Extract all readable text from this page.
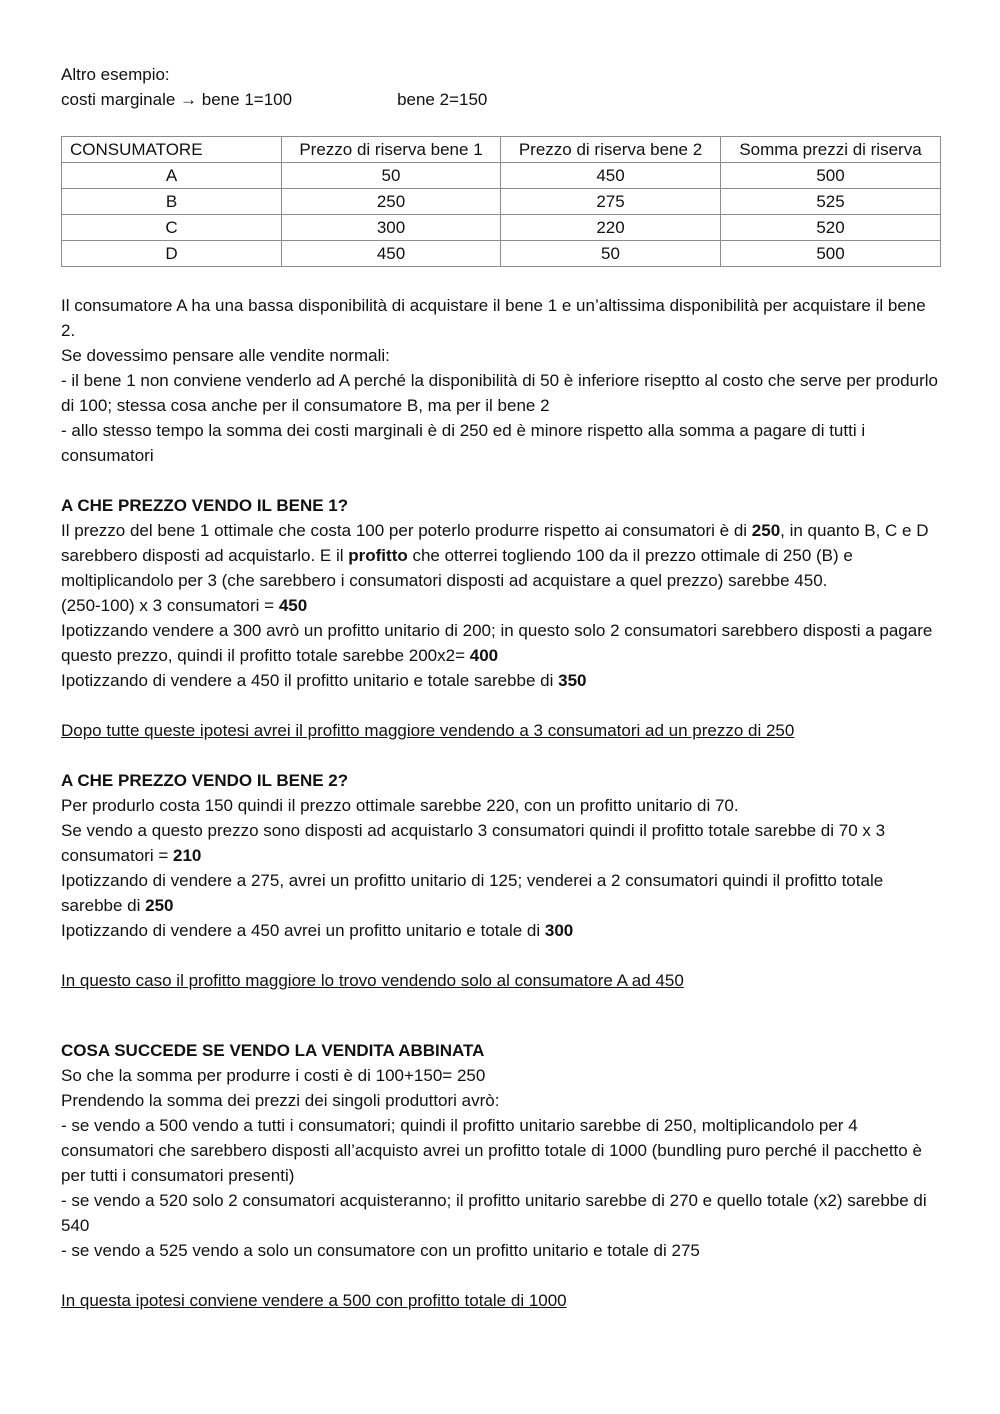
Altro esempio:

costi marginale → bene 1=100	bene 2=150

CONSUMATORE	Prezzo di riserva bene 1	Prezzo di riserva bene 2	Somma prezzi di riserva
A	50	450	500
B	250	275	525
C	300	220	520
D	450	50	500

Il consumatore A ha una bassa disponibilità di acquistare il bene 1 e un’altissima disponibilità per acquistare il bene 2.

Se dovessimo pensare alle vendite normali:

- il bene 1 non conviene venderlo ad A perché la disponibilità di 50 è inferiore riseptto al costo che serve per produrlo di 100; stessa cosa anche per il consumatore B, ma per il bene 2

- allo stesso tempo la somma dei costi marginali è di 250 ed è minore rispetto alla somma a pagare di tutti i consumatori

A CHE PREZZO VENDO IL BENE 1?

Il prezzo del bene 1 ottimale che costa 100 per poterlo produrre rispetto ai consumatori è di 250, in quanto B, C e D sarebbero disposti ad acquistarlo. E il profitto che otterrei togliendo 100 da il prezzo ottimale di 250 (B) e moltiplicandolo per 3 (che sarebbero i consumatori disposti ad acquistare a quel prezzo) sarebbe 450.

(250-100) x 3 consumatori = 450

Ipotizzando vendere a 300 avrò un profitto unitario di 200; in questo solo 2 consumatori sarebbero disposti a pagare questo prezzo, quindi il profitto totale sarebbe 200x2= 400

Ipotizzando di vendere a 450 il profitto unitario e totale sarebbe di 350

Dopo tutte queste ipotesi avrei il profitto maggiore vendendo a 3 consumatori ad un prezzo di 250

A CHE PREZZO VENDO IL BENE 2?

Per produrlo costa 150 quindi il prezzo ottimale sarebbe 220, con un profitto unitario di 70.

Se vendo a questo prezzo sono disposti ad acquistarlo 3 consumatori quindi il profitto totale sarebbe di 70 x 3 consumatori = 210

Ipotizzando di vendere a 275, avrei un profitto unitario di 125; venderei a 2 consumatori quindi il profitto totale sarebbe di 250

Ipotizzando di vendere a 450 avrei un profitto unitario e totale di 300

In questo caso il profitto maggiore lo trovo vendendo solo al consumatore A ad 450

COSA SUCCEDE SE VENDO LA VENDITA ABBINATA

So che la somma per produrre i costi è di 100+150= 250

Prendendo la somma dei prezzi dei singoli produttori avrò:

- se vendo a 500 vendo a tutti i consumatori; quindi il profitto unitario sarebbe di 250, moltiplicandolo per 4 consumatori che sarebbero disposti all’acquisto avrei un profitto totale di 1000 (bundling puro perché il pacchetto è per tutti i consumatori presenti)

- se vendo a 520 solo 2 consumatori acquisteranno; il profitto unitario sarebbe di 270 e quello totale (x2) sarebbe di 540

- se vendo a 525 vendo a solo un consumatore con un profitto unitario e totale di 275

In questa ipotesi conviene vendere a 500 con profitto totale di 1000
